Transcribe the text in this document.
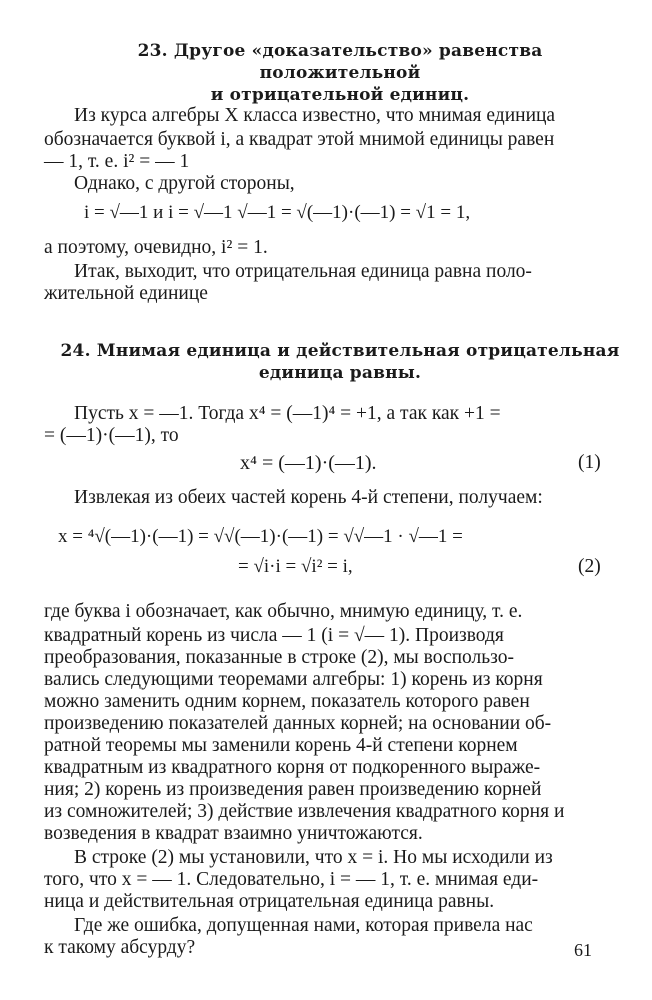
23. Другое «доказательство» равенства положительной
и отрицательной единиц.
Из курса алгебры X класса известно, что мнимая единица
обозначается буквой i, а квадрат этой мнимой единицы равен
— 1, т. е. i² = — 1
Однако, с другой стороны,
i = √—1 и i = √—1 √—1 = √(—1)·(—1) = √1 = 1,
а поэтому, очевидно, i² = 1.
Итак, выходит, что отрицательная единица равна поло-
жительной единице
24. Мнимая единица и действительная отрицательная
единица равны.
Пусть x = —1. Тогда x⁴ = (—1)⁴ = +1, а так как +1 =
= (—1)·(—1), то
x⁴ = (—1)·(—1).	(1)
Извлекая из обеих частей корень 4-й степени, получаем:
x = ⁴√(—1)·(—1) = √√(—1)·(—1) = √√—1 · √—1 =
= √i·i = √i² = i,	(2)
где буква i обозначает, как обычно, мнимую единицу, т. е.
квадратный корень из числа — 1 (i = √— 1). Производя
преобразования, показанные в строке (2), мы воспользо-
вались следующими теоремами алгебры: 1) корень из корня
можно заменить одним корнем, показатель которого равен
произведению показателей данных корней; на основании об-
ратной теоремы мы заменили корень 4-й степени корнем
квадратным из квадратного корня от подкоренного выраже-
ния; 2) корень из произведения равен произведению корней
из сомножителей; 3) действие извлечения квадратного корня и
возведения в квадрат взаимно уничтожаются.
В строке (2) мы установили, что x = i. Но мы исходили из
того, что x = — 1. Следовательно, i = — 1, т. е. мнимая еди-
ница и действительная отрицательная единица равны.
Где же ошибка, допущенная нами, которая привела нас
к такому абсурду?	61
